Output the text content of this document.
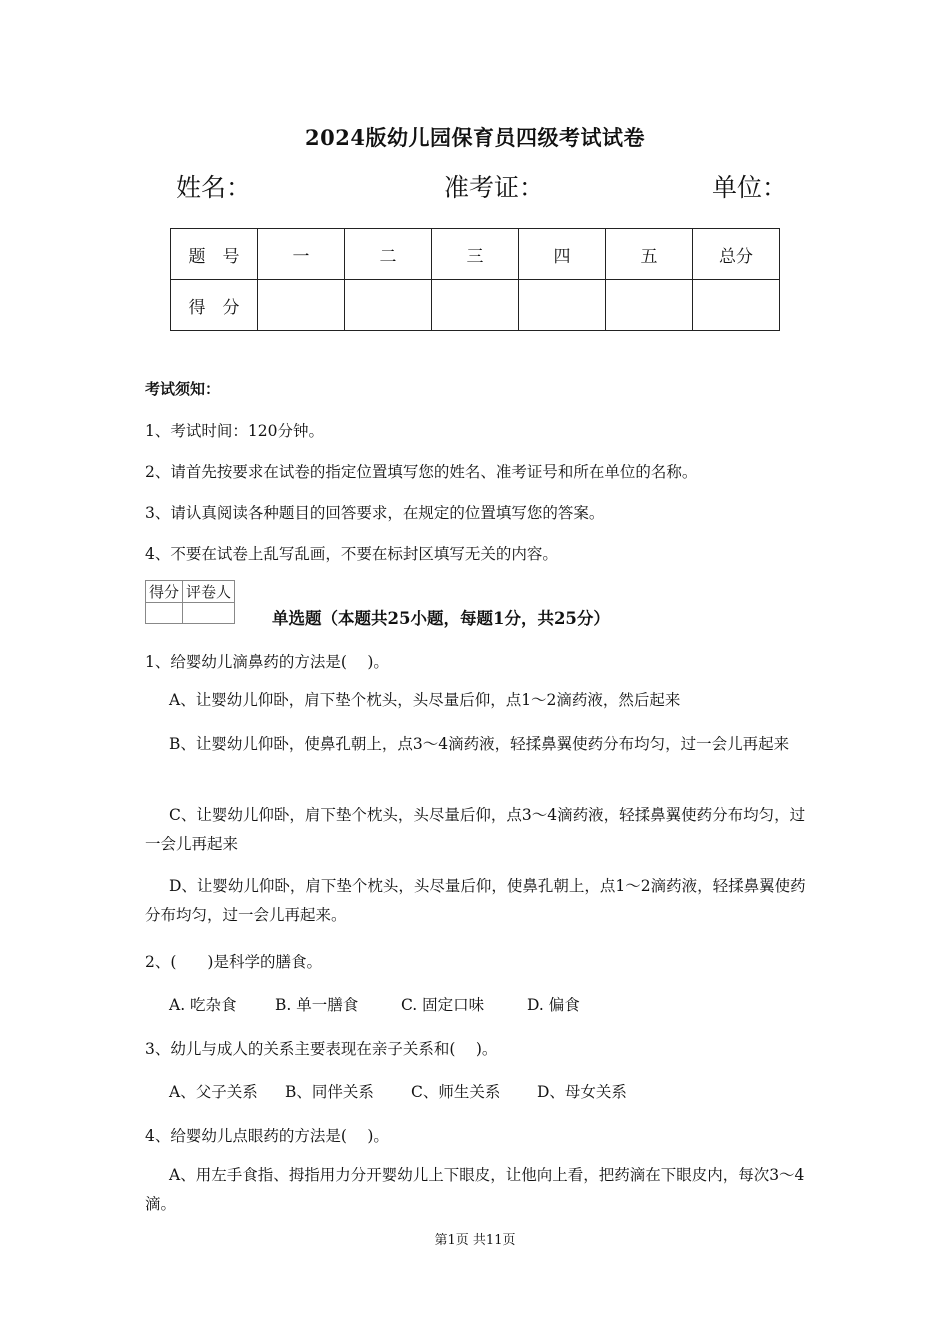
2024版幼儿园保育员四级考试试卷
姓名：	准考证：	单位：
题　号	一	二	三	四	五	总分
得　分						
考试须知：
1、考试时间：120分钟。
2、请首先按要求在试卷的指定位置填写您的姓名、准考证号和所在单位的名称。
3、请认真阅读各种题目的回答要求，在规定的位置填写您的答案。
4、不要在试卷上乱写乱画，不要在标封区填写无关的内容。
得分	评卷人

单选题（本题共25小题，每题1分，共25分）
1、给婴幼儿滴鼻药的方法是(　 )。
A、让婴幼儿仰卧，肩下垫个枕头，头尽量后仰，点1～2滴药液，然后起来
B、让婴幼儿仰卧，使鼻孔朝上，点3～4滴药液，轻揉鼻翼使药分布均匀，过一会儿再起来
C、让婴幼儿仰卧，肩下垫个枕头，头尽量后仰，点3～4滴药液，轻揉鼻翼使药分布均匀，过一会儿再起来
D、让婴幼儿仰卧，肩下垫个枕头，头尽量后仰，使鼻孔朝上，点1～2滴药液，轻揉鼻翼使药分布均匀，过一会儿再起来。
2、(　　)是科学的膳食。
A. 吃杂食 B. 单一膳食	C. 固定口味	D. 偏食
3、幼儿与成人的关系主要表现在亲子关系和(　 )。
A、父子关系 B、同伴关系 C、师生关系 D、母女关系
4、给婴幼儿点眼药的方法是(　 )。
A、用左手食指、拇指用力分开婴幼儿上下眼皮，让他向上看，把药滴在下眼皮内，每次3～4滴。
第1页 共11页
